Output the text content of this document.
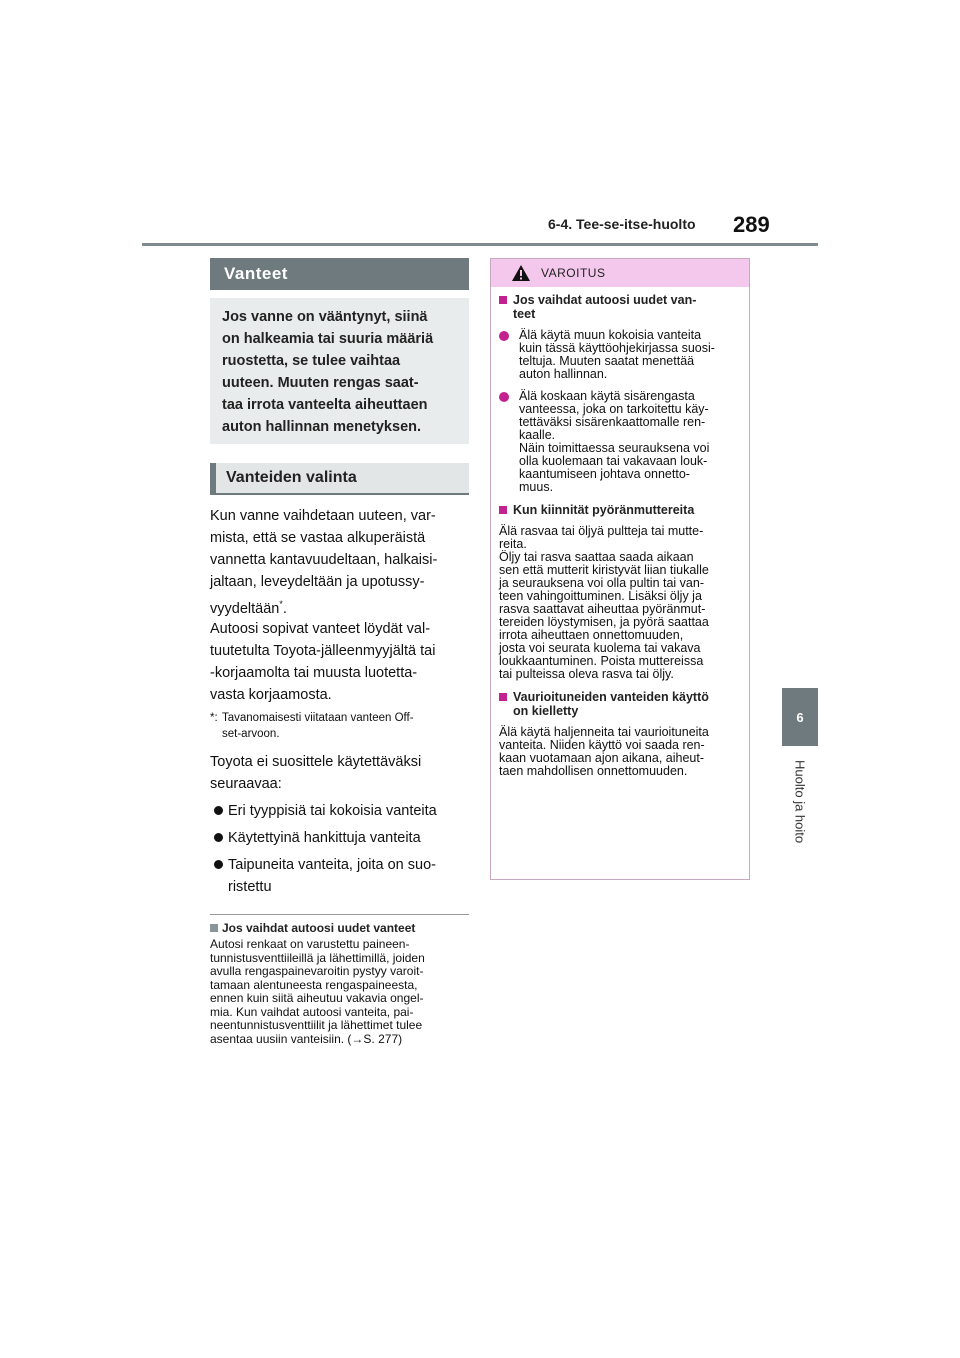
6-4. Tee-se-itse-huolto 289
6
Huolto ja hoito
Vanteet
Jos vanne on vääntynyt, siinä
on halkeamia tai suuria määriä
ruostetta, se tulee vaihtaa
uuteen. Muuten rengas saat-
taa irrota vanteelta aiheuttaen
auton hallinnan menetyksen.
Vanteiden valinta
Kun vanne vaihdetaan uuteen, var-
mista, että se vastaa alkuperäistä
vannetta kantavuudeltaan, halkaisi-
jaltaan, leveydeltään ja upotussy-
vyydeltään*.
Autoosi sopivat vanteet löydät val-
tuutetulta Toyota-jälleenmyyjältä tai
-korjaamolta tai muusta luotetta-
vasta korjaamosta.
*: Tavanomaisesti viitataan vanteen Off-
set-arvoon.
Toyota ei suosittele käytettäväksi
seuraavaa:
Eri tyyppisiä tai kokoisia vanteita
Käytettyinä hankittuja vanteita
Taipuneita vanteita, joita on suo-
ristettu
Jos vaihdat autoosi uudet vanteet
Autosi renkaat on varustettu paineen-
tunnistusventtiileillä ja lähettimillä, joiden
avulla rengaspainevaroitin pystyy varoit-
tamaan alentuneesta rengaspaineesta,
ennen kuin siitä aiheutuu vakavia ongel-
mia. Kun vaihdat autoosi vanteita, pai-
neentunnistusventtiilit ja lähettimet tulee
asentaa uusiin vanteisiin. (→S. 277)
VAROITUS
Jos vaihdat autoosi uudet van-
teet
Älä käytä muun kokoisia vanteita
kuin tässä käyttöohjekirjassa suosi-
teltuja. Muuten saatat menettää
auton hallinnan.
Älä koskaan käytä sisärengasta
vanteessa, joka on tarkoitettu käy-
tettäväksi sisärenkaattomalle ren-
kaalle.
Näin toimittaessa seurauksena voi
olla kuolemaan tai vakavaan louk-
kaantumiseen johtava onnetto-
muus.
Kun kiinnität pyöränmuttereita
Älä rasvaa tai öljyä pultteja tai mutte-
reita.
Öljy tai rasva saattaa saada aikaan
sen että mutterit kiristyvät liian tiukalle
ja seurauksena voi olla pultin tai van-
teen vahingoittuminen. Lisäksi öljy ja
rasva saattavat aiheuttaa pyöränmut-
tereiden löystymisen, ja pyörä saattaa
irrota aiheuttaen onnettomuuden,
josta voi seurata kuolema tai vakava
loukkaantuminen. Poista muttereissa
tai pulteissa oleva rasva tai öljy.
Vaurioituneiden vanteiden käyttö
on kielletty
Älä käytä haljenneita tai vaurioituneita
vanteita. Niiden käyttö voi saada ren-
kaan vuotamaan ajon aikana, aiheut-
taen mahdollisen onnettomuuden.
